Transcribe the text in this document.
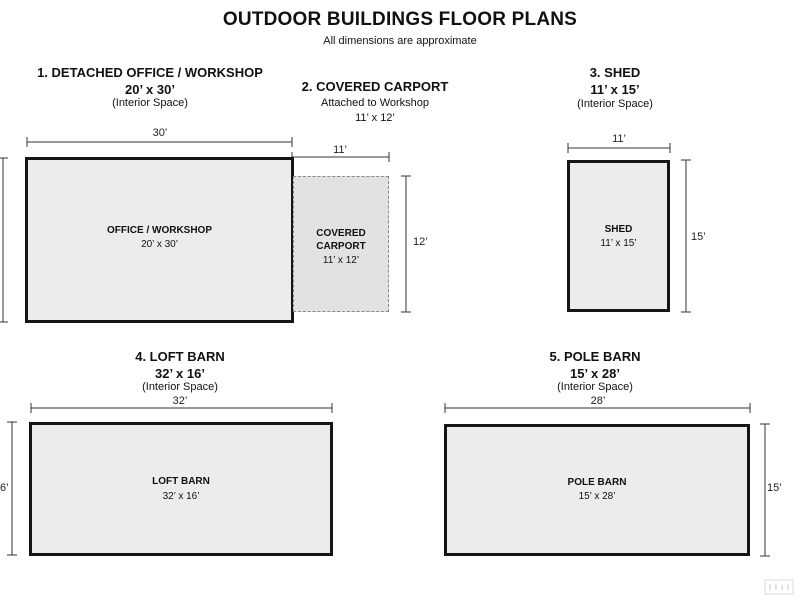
OUTDOOR BUILDINGS FLOOR PLANS
All dimensions are approximate
1. DETACHED OFFICE / WORKSHOP
20’ x 30’
(Interior Space)
30’
OFFICE / WORKSHOP
20’ x 30’
2. COVERED CARPORT
Attached to Workshop
11’ x 12’
11’
COVERED
CARPORT
11’ x 12’
12’
3. SHED
11’ x 15’
(Interior Space)
11’
SHED
11’ x 15’
15’
4. LOFT BARN
32’ x 16’
(Interior Space)
32’
LOFT BARN
32’ x 16’
6’
5. POLE BARN
15’ x 28’
(Interior Space)
28’
POLE BARN
15’ x 28’
15’
